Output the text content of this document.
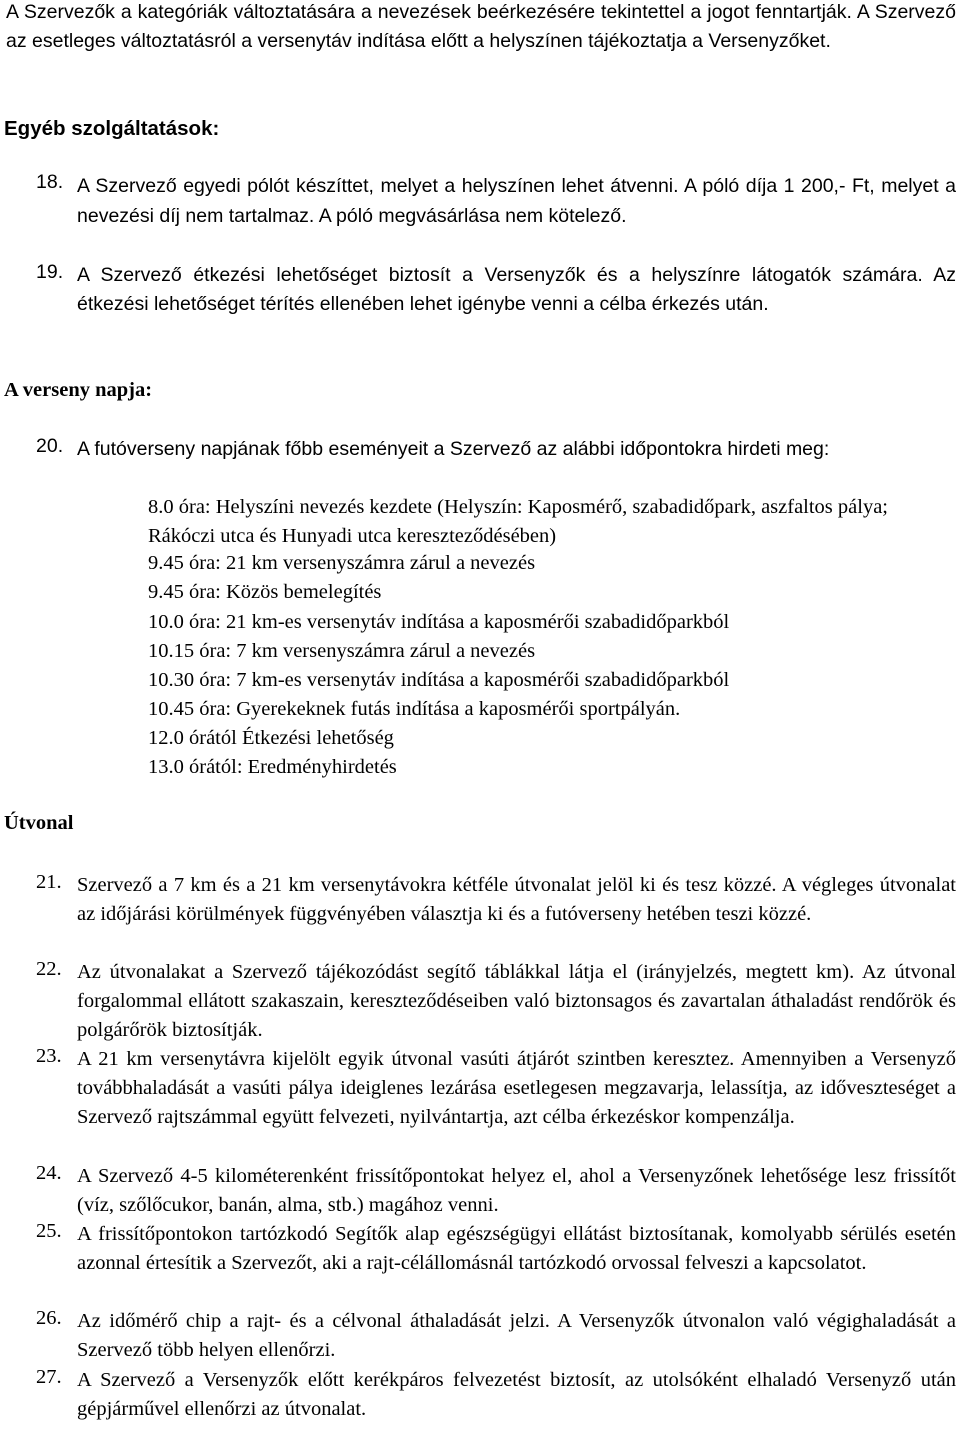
A Szervezők a kategóriák változtatására a nevezések beérkezésére tekintettel a jogot fenntartják. A Szervező az esetleges változtatásról a versenytáv indítása előtt a helyszínen tájékoztatja a Versenyzőket.
Egyéb szolgáltatások:
18. A Szervező egyedi pólót készíttet, melyet a helyszínen lehet átvenni. A póló díja 1 200,- Ft, melyet a nevezési díj nem tartalmaz. A póló megvásárlása nem kötelező.
19. A Szervező étkezési lehetőséget biztosít a Versenyzők és a helyszínre látogatók számára. Az étkezési lehetőséget térítés ellenében lehet igénybe venni a célba érkezés után.
A verseny napja:
20. A futóverseny napjának főbb eseményeit a Szervező az alábbi időpontokra hirdeti meg:
8.0 óra: Helyszíni nevezés kezdete (Helyszín: Kaposmérő, szabadidőpark, aszfaltos pálya; Rákóczi utca és Hunyadi utca kereszteződésében)
9.45 óra: 21 km versenyszámra zárul a nevezés
9.45 óra: Közös bemelegítés
10.0 óra: 21 km-es versenytáv indítása a kaposmérői szabadidőparkból
10.15 óra: 7 km versenyszámra zárul a nevezés
10.30 óra: 7 km-es versenytáv indítása a kaposmérői szabadidőparkból
10.45 óra: Gyerekeknek futás indítása a kaposmérői sportpályán.
12.0 órától Étkezési lehetőség
13.0 órától: Eredményhirdetés
Útvonal
21. Szervező a 7 km és a 21 km versenytávokra kétféle útvonalat jelöl ki és tesz közzé. A végleges útvonalat az időjárási körülmények függvényében választja ki és a futóverseny hetében teszi közzé.
22. Az útvonalakat a Szervező tájékozódást segítő táblákkal látja el (irányjelzés, megtett km). Az útvonal forgalommal ellátott szakaszain, kereszteződéseiben való biztonsagos és zavartalan áthaladást rendőrök és polgárőrök biztosítják.
23. A 21 km versenytávra kijelölt egyik útvonal vasúti átjárót szintben keresztez. Amennyiben a Versenyző továbbhaladását a vasúti pálya ideiglenes lezárása esetlegesen megzavarja, lelassítja, az időveszteséget a Szervező rajtszámmal együtt felvezeti, nyilvántartja, azt célba érkezéskor kompenzálja.
24. A Szervező 4-5 kilométerenként frissítőpontokat helyez el, ahol a Versenyzőnek lehetősége lesz frissítőt (víz, szőlőcukor, banán, alma, stb.) magához venni.
25. A frissítőpontokon tartózkodó Segítők alap egészségügyi ellátást biztosítanak, komolyabb sérülés esetén azonnal értesítik a Szervezőt, aki a rajt-célállomásnál tartózkodó orvossal felveszi a kapcsolatot.
26. Az időmérő chip a rajt- és a célvonal áthaladását jelzi. A Versenyzők útvonalon való végighaladását a Szervező több helyen ellenőrzi.
27. A Szervező a Versenyzők előtt kerékpáros felvezetést biztosít, az utolsóként elhaladó Versenyző után gépjárművel ellenőrzi az útvonalat.
